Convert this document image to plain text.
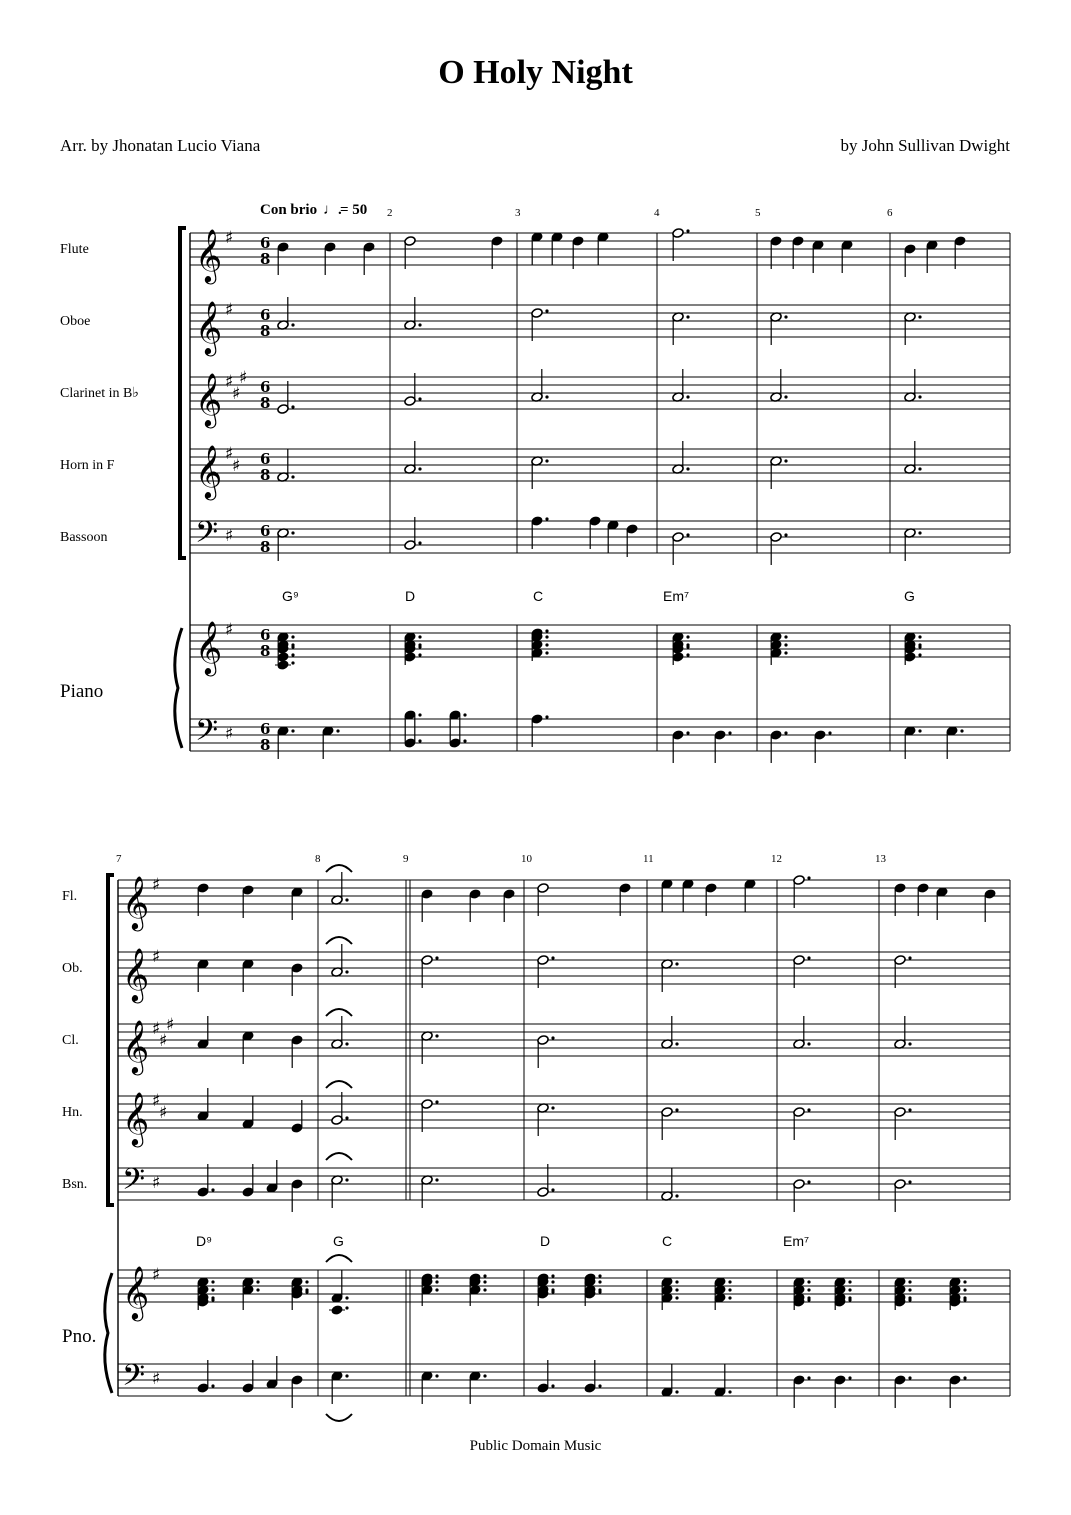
O Holy Night
Arr. by Jhonatan Lucio Viana	by John Sullivan Dwight
𝄞 ♯
𝄞 ♯
𝄞 ♯
♯
♯
𝄞 ♯
♯
𝄢 ♯
𝄞 ♯
𝄢 ♯
6
8
6
8
6
8
6
8
6
8
6
8
6
8
𝄞 ♯
𝄞 ♯
𝄞 ♯
♯
♯
𝄞 ♯
♯
𝄢 ♯
𝄞 ♯
𝄢 ♯
Flute
Oboe
Clarinet in B♭
Horn in F
Bassoon
Piano
Con brio ♩.
= 50 2	3	4	5	6
G⁹	D	C	Em⁷	G
Fl.
Ob.
Cl.
Hn.
Bsn.
Pno.
7	8	9	10	11	12	13
D⁹	G	D	C	Em⁷
Public Domain Music
